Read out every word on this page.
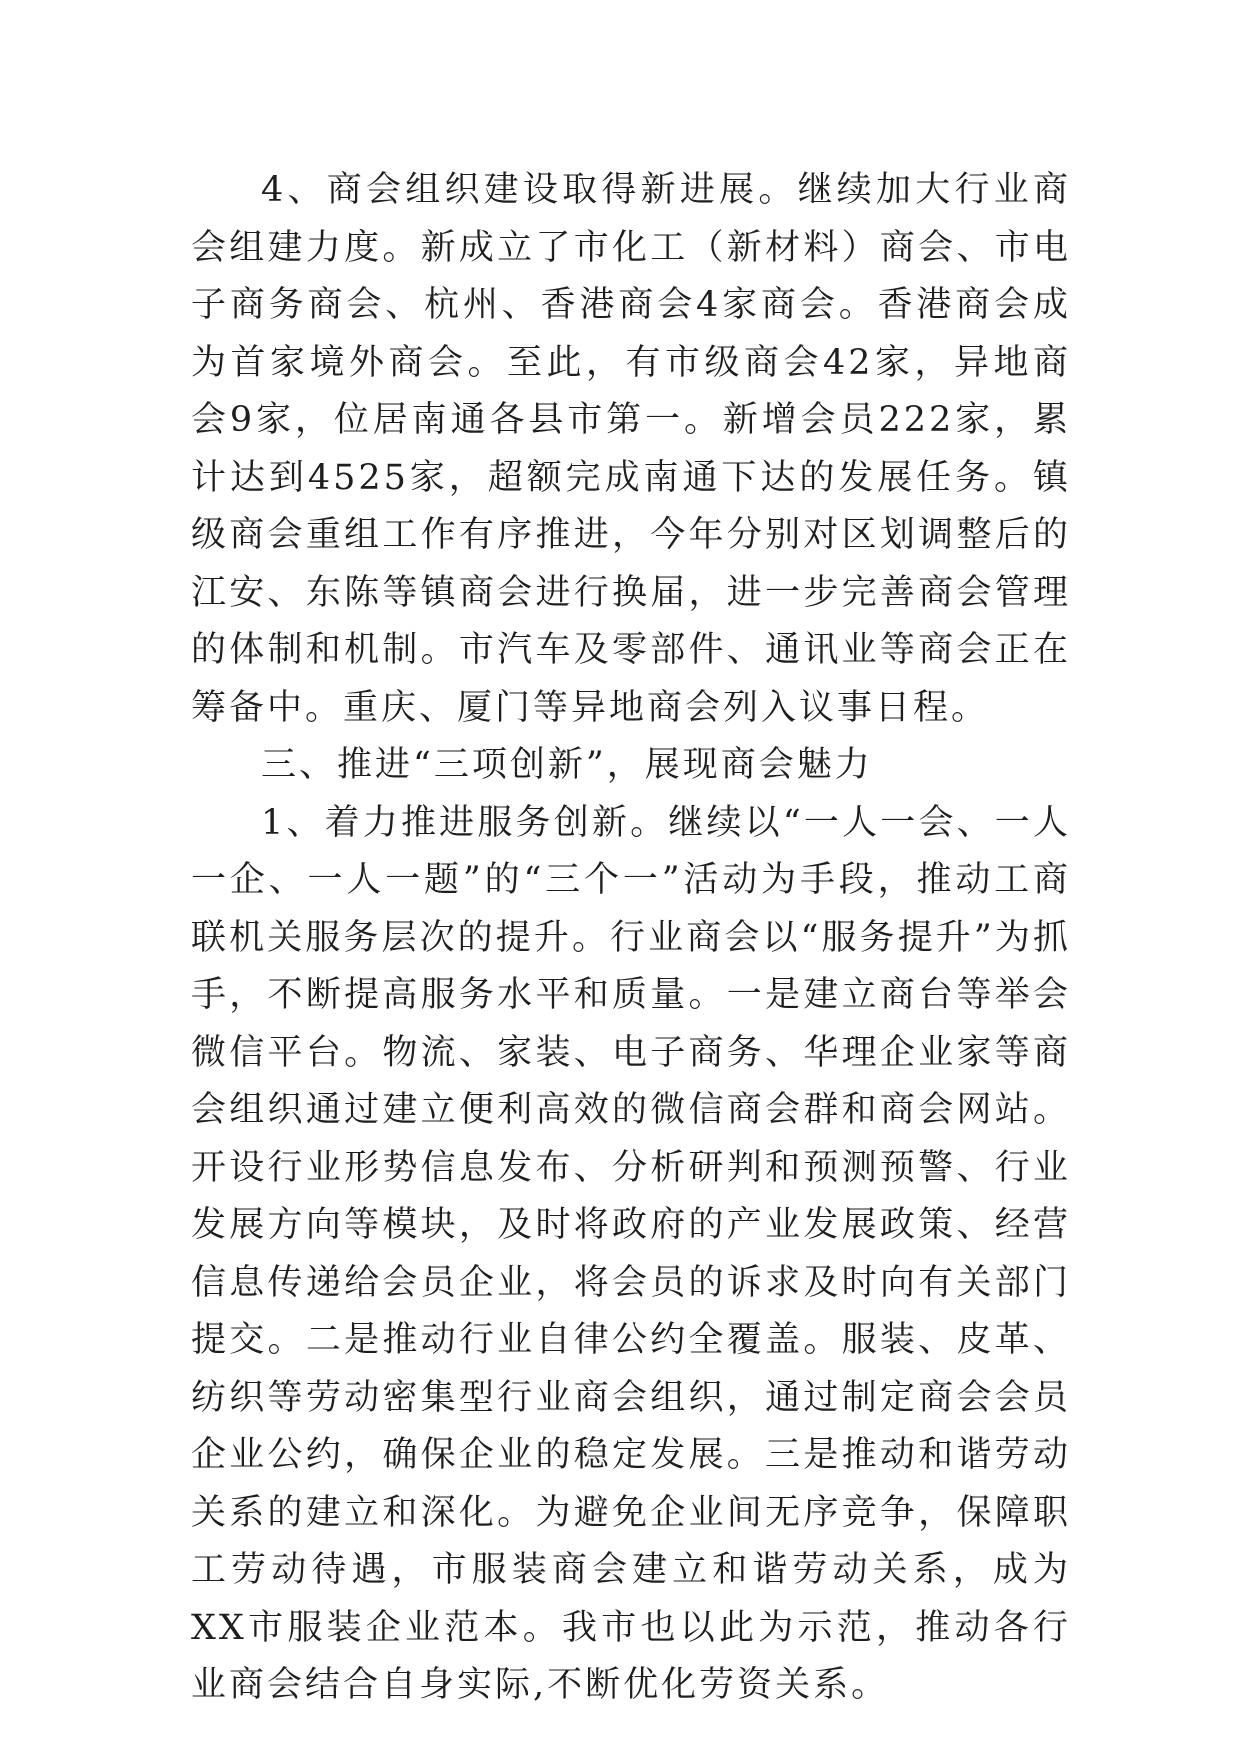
4、商会组织建设取得新进展。继续加大行业商会组建力度。新成立了市化工（新材料）商会、市电子商务商会、杭州、香港商会4家商会。香港商会成为首家境外商会。至此，有市级商会42家，异地商会9家，位居南通各县市第一。新增会员222家，累计达到4525家，超额完成南通下达的发展任务。镇级商会重组工作有序推进，今年分别对区划调整后的江安、东陈等镇商会进行换届，进一步完善商会管理的体制和机制。市汽车及零部件、通讯业等商会正在筹备中。重庆、厦门等异地商会列入议事日程。

三、推进“三项创新”，展现商会魅力

1、着力推进服务创新。继续以“一人一会、一人一企、一人一题”的“三个一”活动为手段，推动工商联机关服务层次的提升。行业商会以“服务提升”为抓手，不断提高服务水平和质量。一是建立商台等举会微信平台。物流、家装、电子商务、华理企业家等商会组织通过建立便利高效的微信商会群和商会网站。开设行业形势信息发布、分析研判和预测预警、行业发展方向等模块，及时将政府的产业发展政策、经营信息传递给会员企业，将会员的诉求及时向有关部门提交。二是推动行业自律公约全覆盖。服装、皮革、纺织等劳动密集型行业商会组织，通过制定商会会员企业公约，确保企业的稳定发展。三是推动和谐劳动关系的建立和深化。为避免企业间无序竞争，保障职工劳动待遇，市服装商会建立和谐劳动关系，成为XX市服装企业范本。我市也以此为示范，推动各行业商会结合自身实际,不断优化劳资关系。
